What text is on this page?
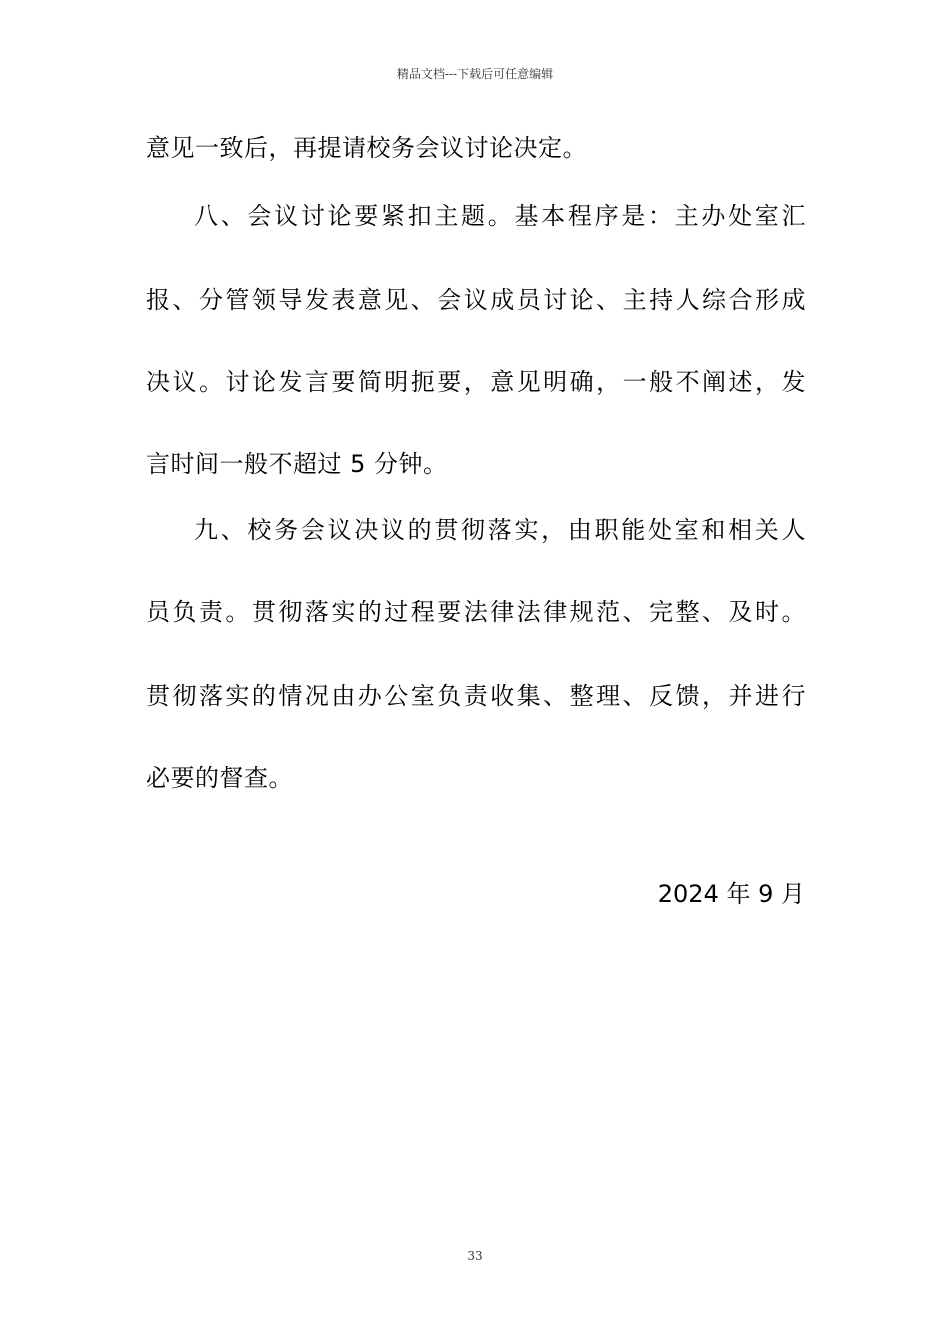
精品文档---下载后可任意编辑
意见一致后，再提请校务会议讨论决定。
八、会议讨论要紧扣主题。基本程序是：主办处室汇
报、分管领导发表意见、会议成员讨论、主持人综合形成
决议。讨论发言要简明扼要，意见明确，一般不阐述，发
言时间一般不超过 5 分钟。
九、校务会议决议的贯彻落实，由职能处室和相关人
员负责。贯彻落实的过程要法律法律规范、完整、及时。
贯彻落实的情况由办公室负责收集、整理、反馈，并进行
必要的督查。
2024 年 9 月
33
